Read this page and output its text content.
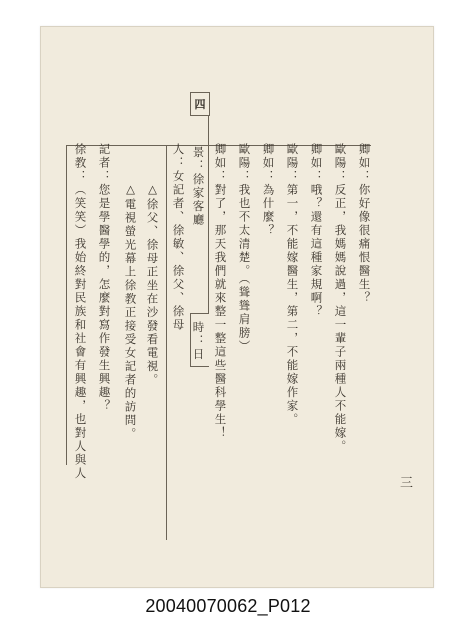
四
卿如：你好像很痛恨醫生？
歐陽：反正，我媽媽說過，這一輩子兩種人不能嫁。
卿如：哦？還有這種家規啊？
歐陽：第一，不能嫁醫生，第二，不能嫁作家。
卿如：為什麼？
歐陽：我也不太清楚。（聳聳肩膀）
卿如：對了，那天我們就來整一整這些醫科學生！
景：徐家客廳
時：日
人：女記者、徐敏、徐父、徐母
△徐父、徐母正坐在沙發看電視。
△電視螢光幕上徐教正接受女記者的訪問。
記者：您是學醫學的，怎麼對寫作發生興趣？
徐教：（笑笑）我始終對民族和社會有興趣，也對人與人
三
20040070062_P012
